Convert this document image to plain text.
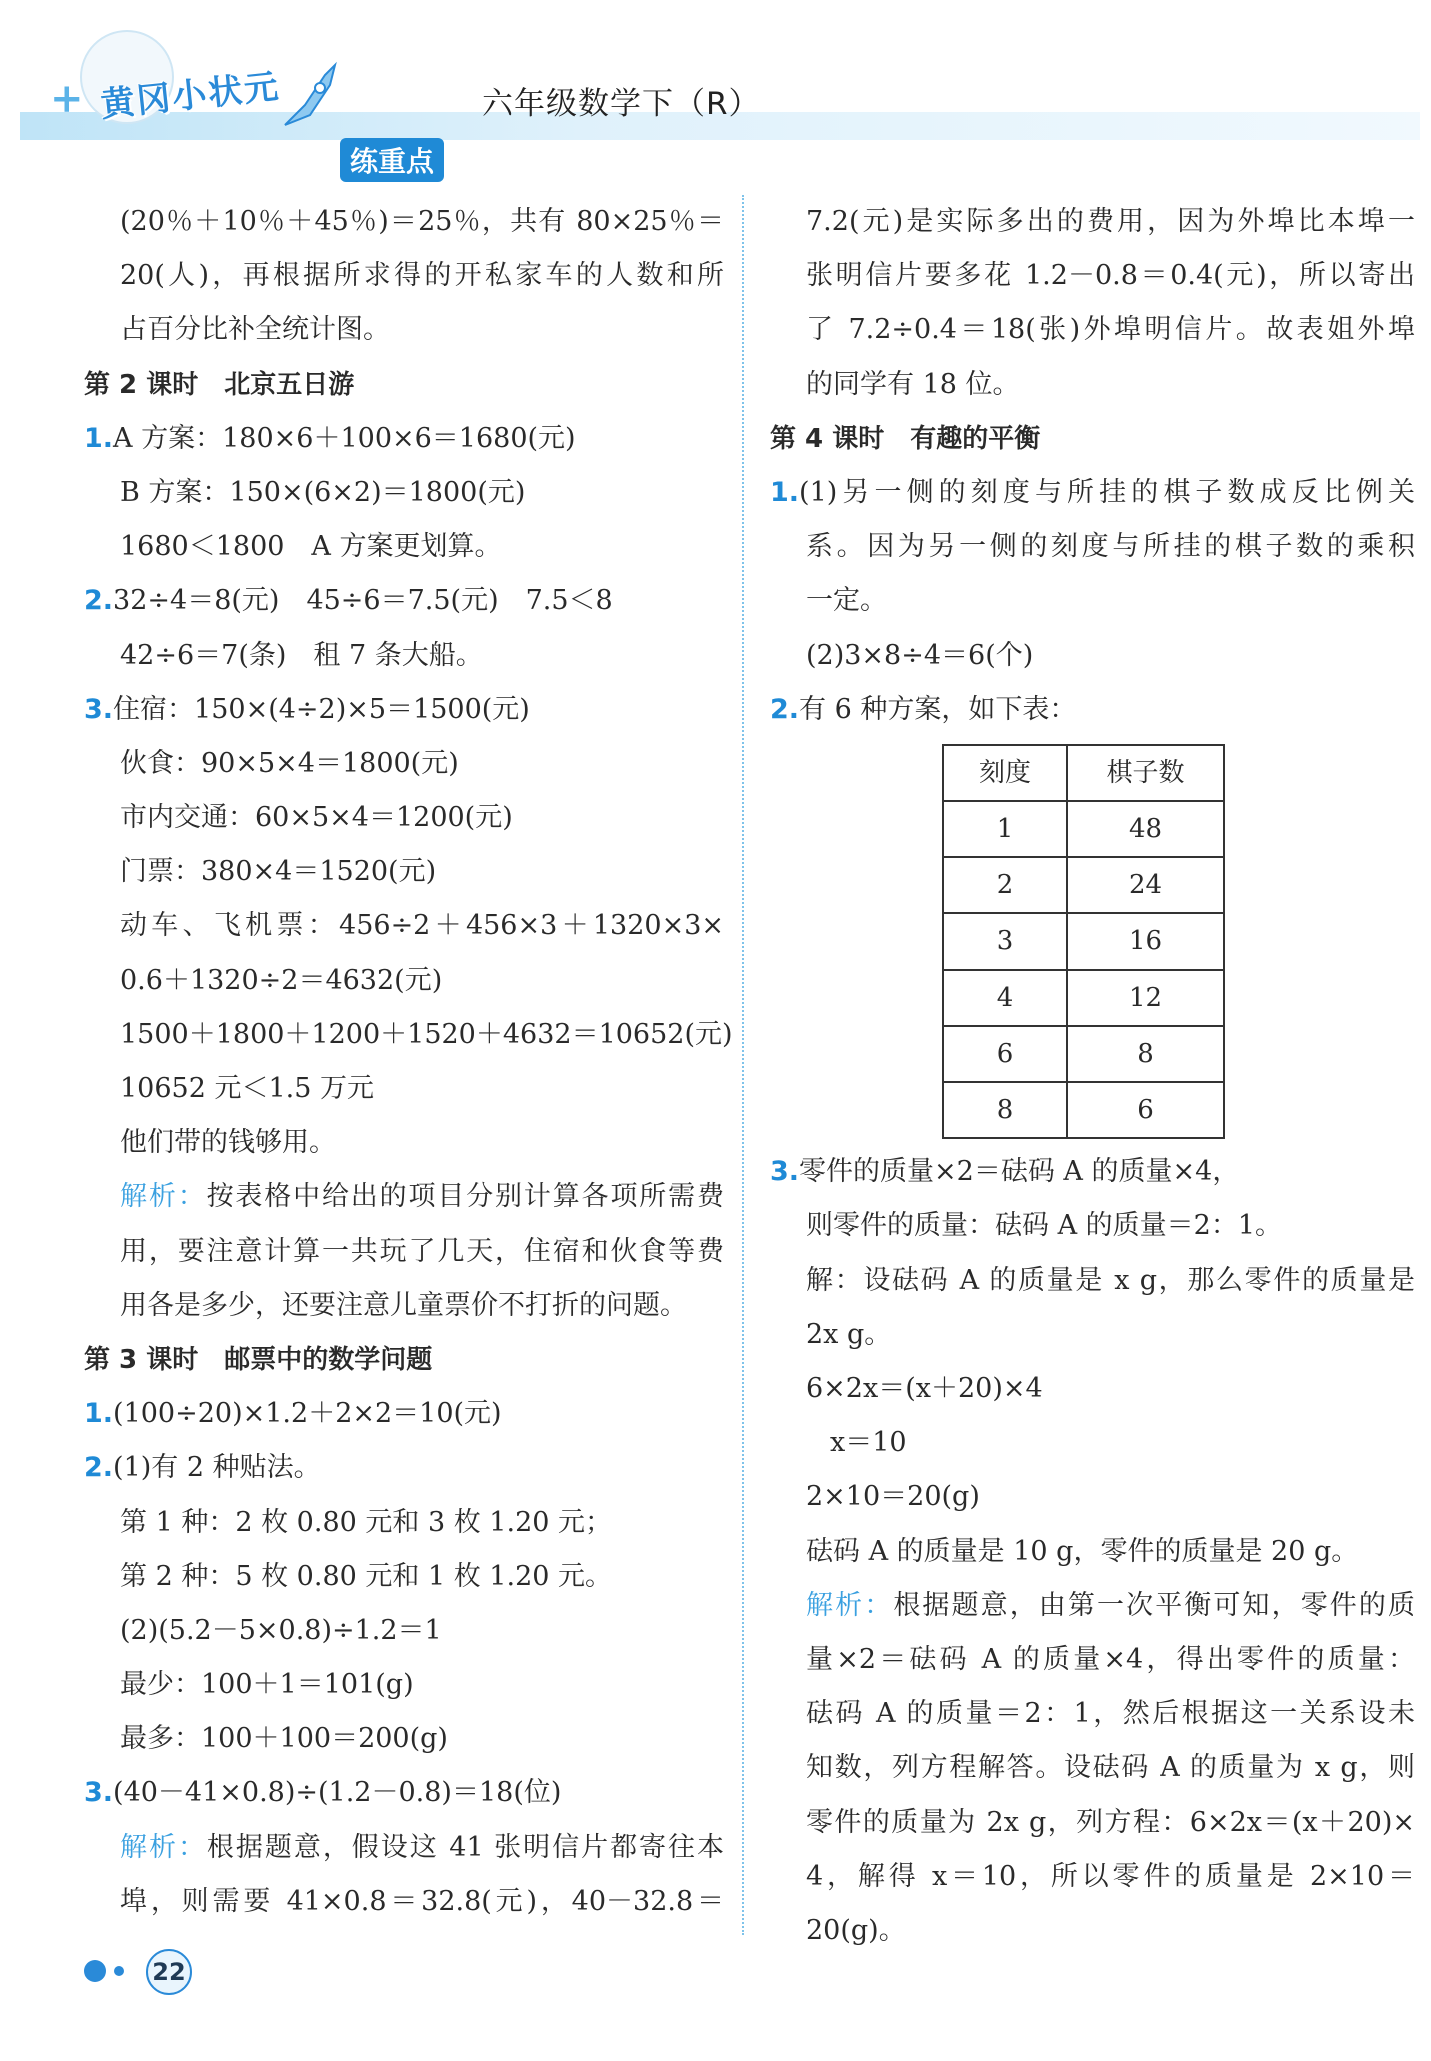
+ 黄冈小状元
练重点
六年级数学下（R）
(20％＋10％＋45％)＝25％，共有 80×25％＝
20(人)，再根据所求得的开私家车的人数和所
占百分比补全统计图。
第 2 课时　北京五日游
1.A 方案：180×6＋100×6＝1680(元)
B 方案：150×(6×2)＝1800(元)
1680＜1800　A 方案更划算。
2.32÷4＝8(元)　45÷6＝7.5(元)　7.5＜8
42÷6＝7(条)　租 7 条大船。
3.住宿：150×(4÷2)×5＝1500(元)
伙食：90×5×4＝1800(元)
市内交通：60×5×4＝1200(元)
门票：380×4＝1520(元)
动车、飞机票：456÷2＋456×3＋1320×3×
0.6＋1320÷2＝4632(元)
1500＋1800＋1200＋1520＋4632＝10652(元)
10652 元＜1.5 万元
他们带的钱够用。
解析：按表格中给出的项目分别计算各项所需费
用，要注意计算一共玩了几天，住宿和伙食等费
用各是多少，还要注意儿童票价不打折的问题。
第 3 课时　邮票中的数学问题
1.(100÷20)×1.2＋2×2＝10(元)
2.(1)有 2 种贴法。
第 1 种：2 枚 0.80 元和 3 枚 1.20 元；
第 2 种：5 枚 0.80 元和 1 枚 1.20 元。
(2)(5.2－5×0.8)÷1.2＝1
最少：100＋1＝101(g)
最多：100＋100＝200(g)
3.(40－41×0.8)÷(1.2－0.8)＝18(位)
解析：根据题意，假设这 41 张明信片都寄往本
埠，则需要 41×0.8＝32.8(元)，40－32.8＝
7.2(元)是实际多出的费用，因为外埠比本埠一
张明信片要多花 1.2－0.8＝0.4(元)，所以寄出
了 7.2÷0.4＝18(张)外埠明信片。故表姐外埠
的同学有 18 位。
第 4 课时　有趣的平衡
1.(1)另一侧的刻度与所挂的棋子数成反比例关
系。因为另一侧的刻度与所挂的棋子数的乘积
一定。
(2)3×8÷4＝6(个)
2.有 6 种方案，如下表：
刻度	棋子数
1	48
2	24
3	16
4	12
6	8
8	6
3.零件的质量×2＝砝码 A 的质量×4，
则零件的质量：砝码 A 的质量＝2：1。
解：设砝码 A 的质量是 x g，那么零件的质量是
2x g。
6×2x＝(x＋20)×4
x＝10
2×10＝20(g)
砝码 A 的质量是 10 g，零件的质量是 20 g。
解析：根据题意，由第一次平衡可知，零件的质
量×2＝砝码 A 的质量×4，得出零件的质量：
砝码 A 的质量＝2：1，然后根据这一关系设未
知数，列方程解答。设砝码 A 的质量为 x g，则
零件的质量为 2x g，列方程：6×2x＝(x＋20)×
4，解得 x＝10，所以零件的质量是 2×10＝
20(g)。
22
